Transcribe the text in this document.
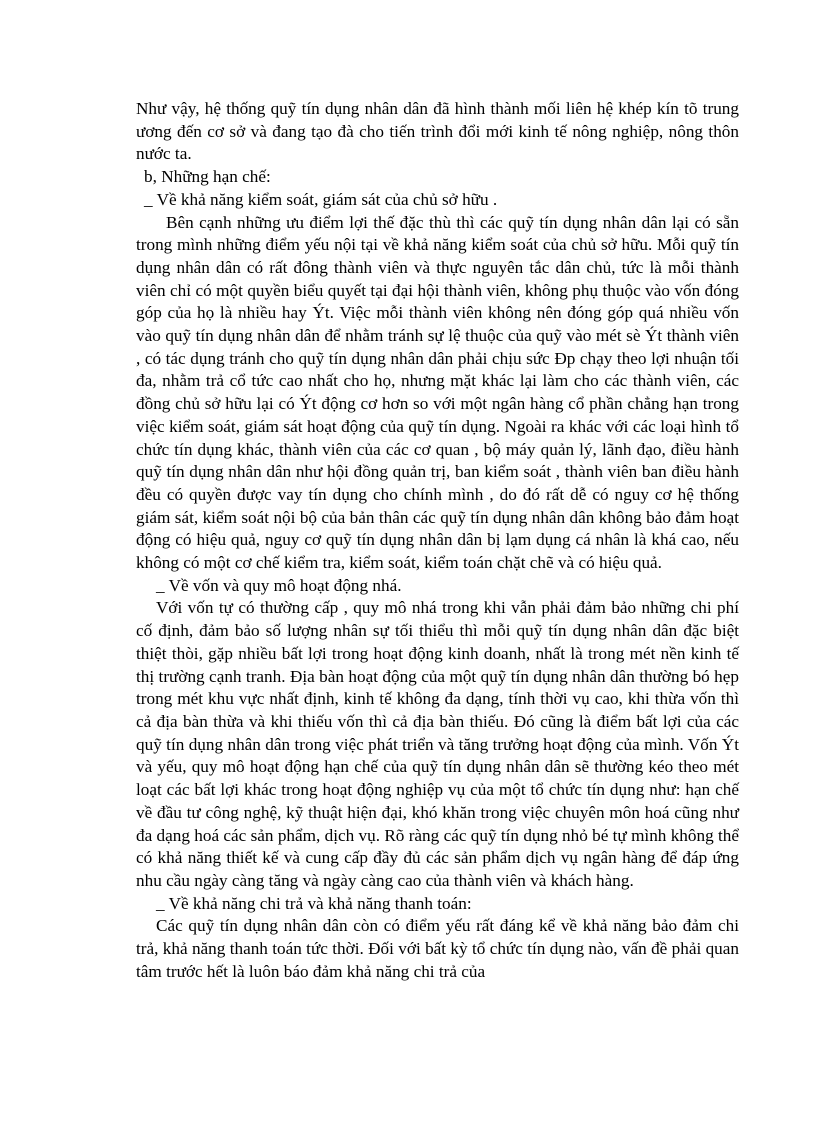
Như vậy, hệ thống quỹ tín dụng nhân dân đã hình thành mối liên hệ khép kín tõ trung ương đến cơ sở và đang tạo đà cho tiến trình đổi mới kinh tế nông nghiệp, nông thôn nước ta.

b, Những hạn chế:

_ Về khả năng kiểm soát, giám sát của chủ sở hữu .

Bên cạnh những ưu điểm lợi thế đặc thù thì các quỹ tín dụng nhân dân lại có sẵn trong mình những điểm yếu nội tại về khả năng kiểm soát của chủ sở hữu. Mỗi quỹ tín dụng nhân dân có rất đông thành viên và thực nguyên tắc dân chủ, tức là mỗi thành viên chỉ có một quyền biểu quyết tại đại hội thành viên, không phụ thuộc vào vốn đóng góp của họ là nhiều hay Ýt. Việc mỗi thành viên không nên đóng góp quá nhiều vốn vào quỹ tín dụng nhân dân để nhằm tránh sự lệ thuộc của quỹ vào mét sè Ýt thành viên , có tác dụng tránh cho quỹ tín dụng nhân dân phải chịu sức Ðp chạy theo lợi nhuận tối đa, nhằm trả cổ tức cao nhất cho họ, nhưng mặt khác lại làm cho các thành viên, các đồng chủ sở hữu lại có Ýt động cơ hơn so với một ngân hàng cổ phần chẳng hạn trong việc kiểm soát, giám sát hoạt động của quỹ tín dụng. Ngoài ra khác với các loại hình tổ chức tín dụng khác, thành viên của các cơ quan , bộ máy quản lý, lãnh đạo, điều hành quỹ tín dụng nhân dân như hội đồng quản trị, ban kiểm soát , thành viên ban điều hành đều có quyền được vay tín dụng cho chính mình , do đó rất dễ có nguy cơ hệ thống giám sát, kiểm soát nội bộ của bản thân các quỹ tín dụng nhân dân không bảo đảm hoạt động có hiệu quả, nguy cơ quỹ tín dụng nhân dân bị lạm dụng cá nhân là khá cao, nếu không có một cơ chế kiểm tra, kiểm soát, kiểm toán chặt chẽ và có hiệu quả.

_ Về vốn và quy mô hoạt động nhá.

Với vốn tự có thường cấp , quy mô nhá trong khi vẫn phải đảm bảo những chi phí cố định, đảm bảo số lượng nhân sự tối thiểu thì mỗi quỹ tín dụng nhân dân đặc biệt thiệt thòi, gặp nhiều bất lợi trong hoạt động kinh doanh, nhất là trong mét nền kinh tế thị trường cạnh tranh. Địa bàn hoạt động của một quỹ tín dụng nhân dân thường bó hẹp trong mét khu vực nhất định, kinh tế không đa dạng, tính thời vụ cao, khi thừa vốn thì cả địa bàn thừa và khi thiếu vốn thì cả địa bàn thiếu. Đó cũng là điểm bất lợi của các quỹ tín dụng nhân dân trong việc phát triển và tăng trưởng hoạt động của mình. Vốn Ýt và yếu, quy mô hoạt động hạn chế của quỹ tín dụng nhân dân sẽ thường kéo theo mét loạt các bất lợi khác trong hoạt động nghiệp vụ của một tổ chức tín dụng như: hạn chế về đầu tư công nghệ, kỹ thuật hiện đại, khó khăn trong việc chuyên môn hoá cũng như đa dạng hoá các sản phẩm, dịch vụ. Rõ ràng các quỹ tín dụng nhỏ bé tự mình không thể có khả năng thiết kế và cung cấp đầy đủ các sản phẩm dịch vụ ngân hàng để đáp ứng nhu cầu ngày càng tăng và ngày càng cao của thành viên và khách hàng.

_ Về khả năng chi trả và khả năng thanh toán:

Các quỹ tín dụng nhân dân còn có điểm yếu rất đáng kể về khả năng bảo đảm chi trả, khả năng thanh toán tức thời. Đối với bất kỳ tổ chức tín dụng nào, vấn đề phải quan tâm trước hết là luôn báo đảm khả năng chi trả của
